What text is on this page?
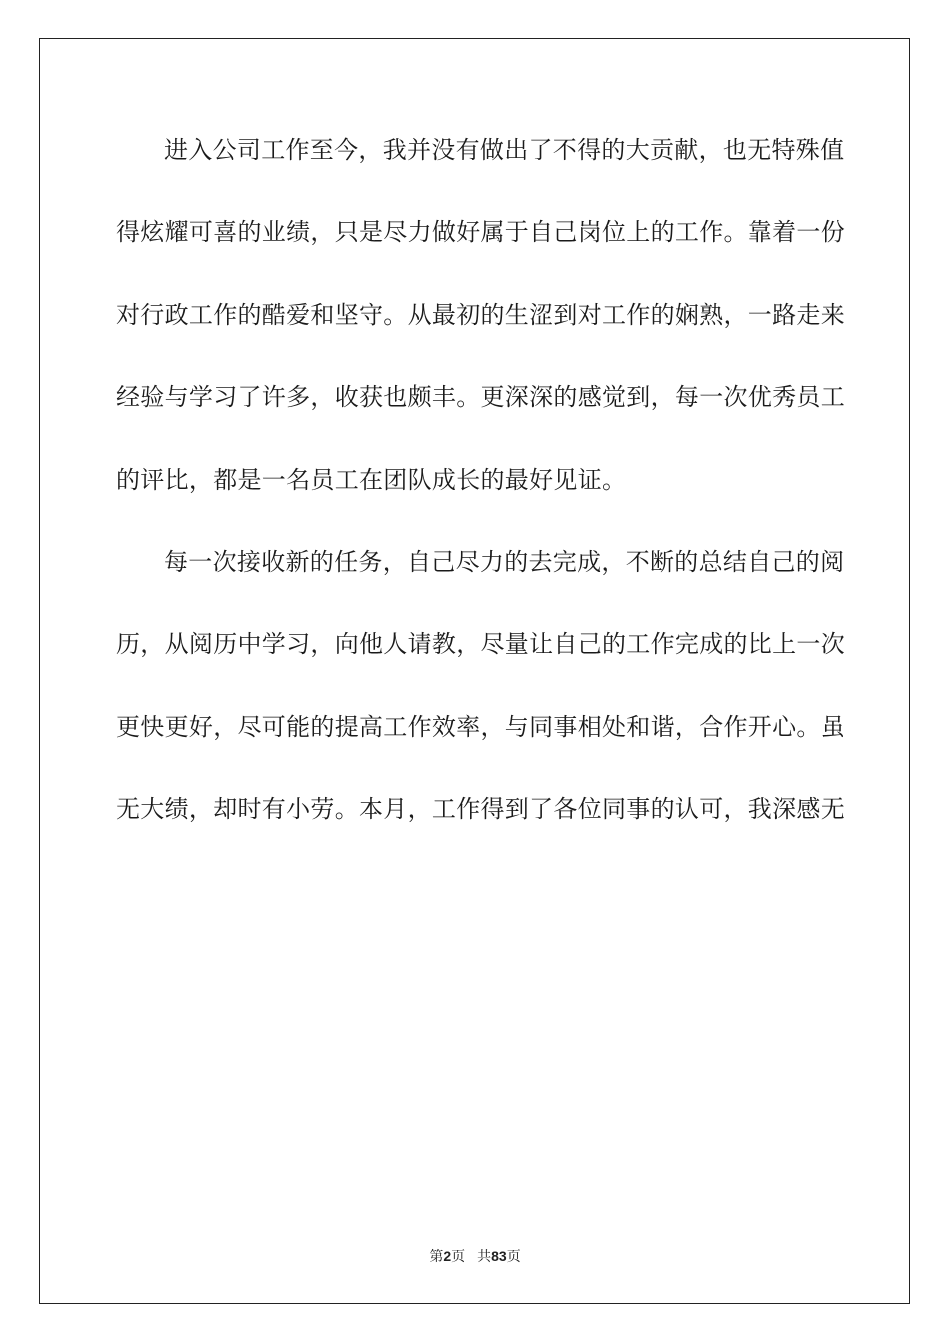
进入公司工作至今，我并没有做出了不得的大贡献，也无特殊值
得炫耀可喜的业绩，只是尽力做好属于自己岗位上的工作。靠着一份
对行政工作的酷爱和坚守。从最初的生涩到对工作的娴熟，一路走来
经验与学习了许多，收获也颇丰。更深深的感觉到，每一次优秀员工
的评比，都是一名员工在团队成长的最好见证。
每一次接收新的任务，自己尽力的去完成，不断的总结自己的阅
历，从阅历中学习，向他人请教，尽量让自己的工作完成的比上一次
更快更好，尽可能的提高工作效率，与同事相处和谐，合作开心。虽
无大绩，却时有小劳。本月，工作得到了各位同事的认可，我深感无
第2页 共83页
